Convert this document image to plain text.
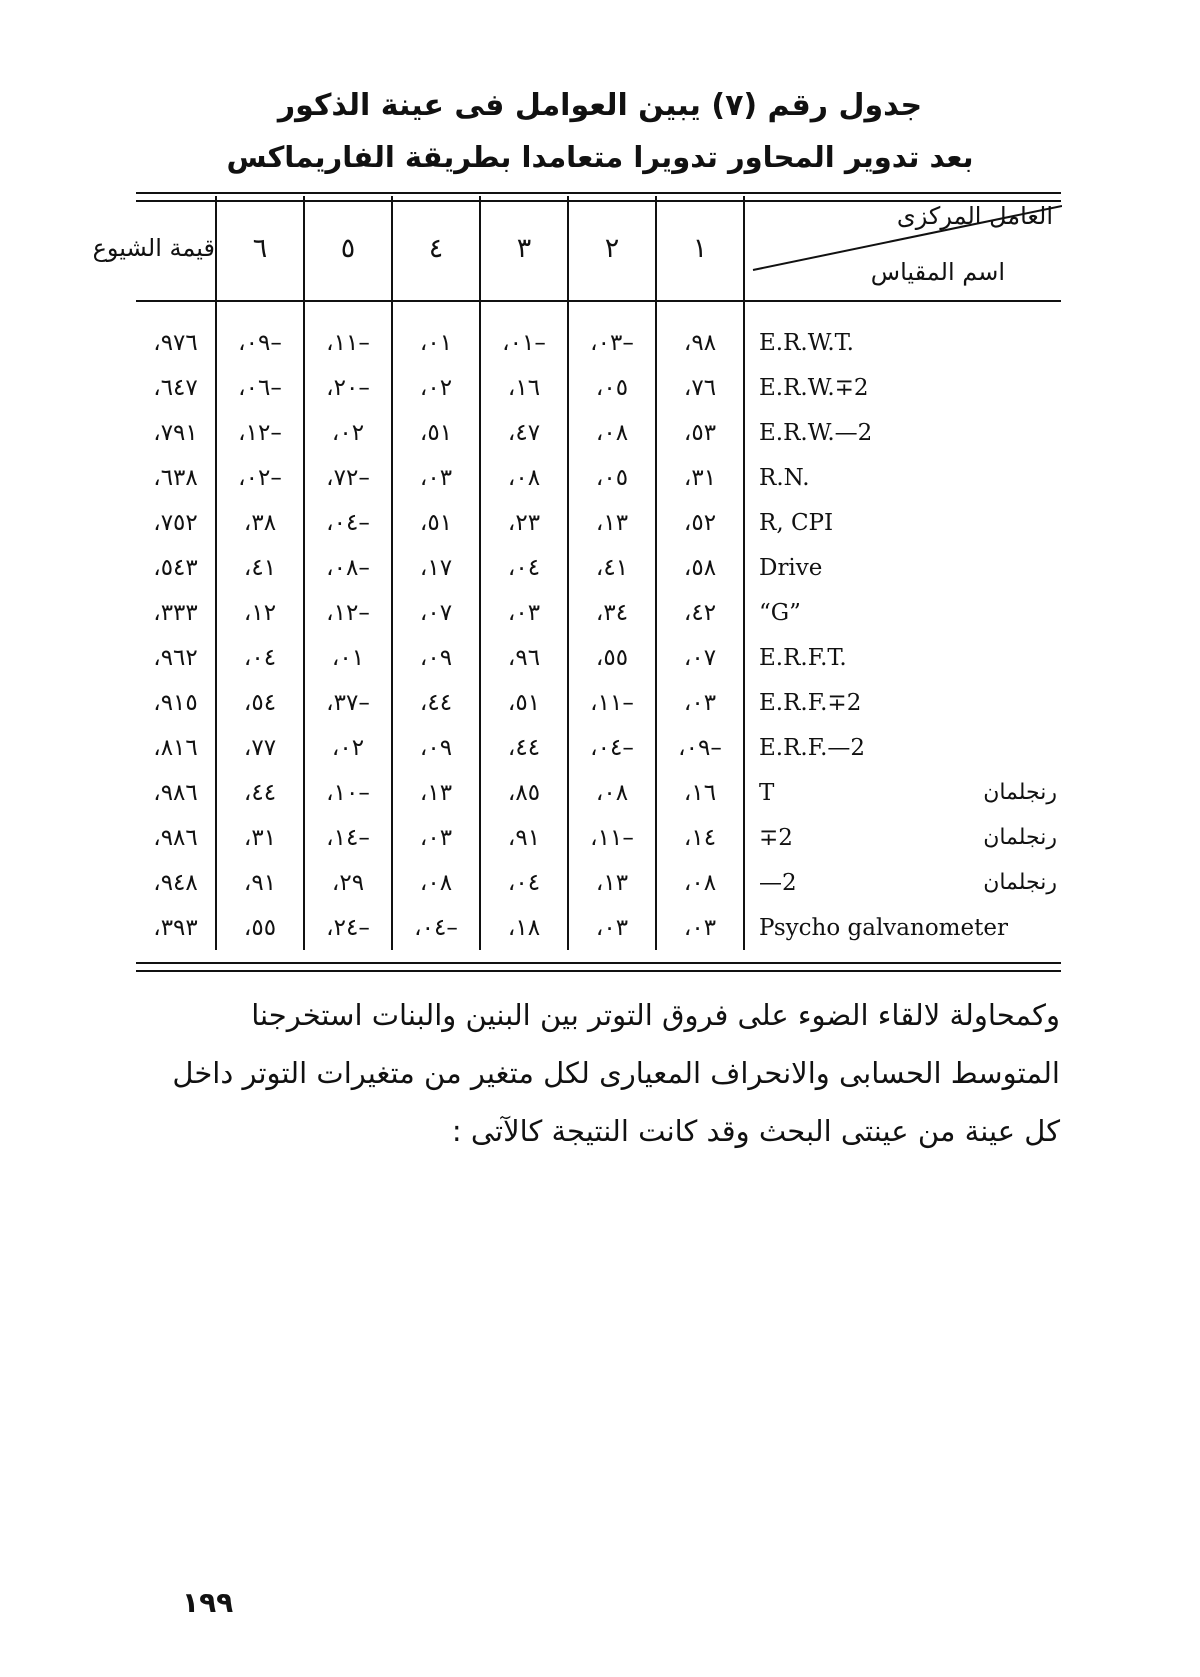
جدول رقم (٧) يبين العوامل فى عينة الذكور
بعد تدوير المحاور تدويرا متعامدا بطريقة الفاريماكس
قيمة الشيوع	٦	٥	٤	٣	٢	١	العامل المركزى
اسم المقياس

،٩٧٦	،٠٩–	،١١–	،٠١	،٠١–	،٠٣–	،٩٨	E.R.W.T.

،٦٤٧	،٠٦–	،٢٠–	،٠٢	،١٦	،٠٥	،٧٦	E.R.W.∓2

،٧٩١	،١٢–	،٠٢	،٥١	،٤٧	،٠٨	،٥٣	E.R.W.—2

،٦٣٨	،٠٢–	،٧٢–	،٠٣	،٠٨	،٠٥	،٣١	R.N.

،٧٥٢	،٣٨	،٠٤–	،٥١	،٢٣	،١٣	،٥٢	R, CPI

،٥٤٣	،٤١	،٠٨–	،١٧	،٠٤	،٤١	،٥٨	Drive

،٣٣٣	،١٢	،١٢–	،٠٧	،٠٣	،٣٤	،٤٢	“G”

،٩٦٢	،٠٤	،٠١	،٠٩	،٩٦	،٥٥	،٠٧	E.R.F.T.

،٩١٥	،٥٤	،٣٧–	،٤٤	،٥١	،١١–	،٠٣	E.R.F.∓2

،٨١٦	،٧٧	،٠٢	،٠٩	،٤٤	،٠٤–	،٠٩–	E.R.F.—2

،٩٨٦	،٤٤	،١٠–	،١٣	،٨٥	،٠٨	،١٦	T رنجلمان

،٩٨٦	،٣١	،١٤–	،٠٣	،٩١	،١١–	،١٤	∓2 رنجلمان

،٩٤٨	،٩١	،٢٩	،٠٨	،٠٤	،١٣	،٠٨	—2 رنجلمان

،٣٩٣	،٥٥	،٢٤–	،٠٤–	،١٨	،٠٣	،٠٣	Psycho galvanometer
وكمحاولة لالقاء الضوء على فروق التوتر بين البنين والبنات استخرجنا
المتوسط الحسابى والانحراف المعيارى لكل متغير من متغيرات التوتر داخل
كل عينة من عينتى البحث وقد كانت النتيجة كالآتى :
١٩٩
